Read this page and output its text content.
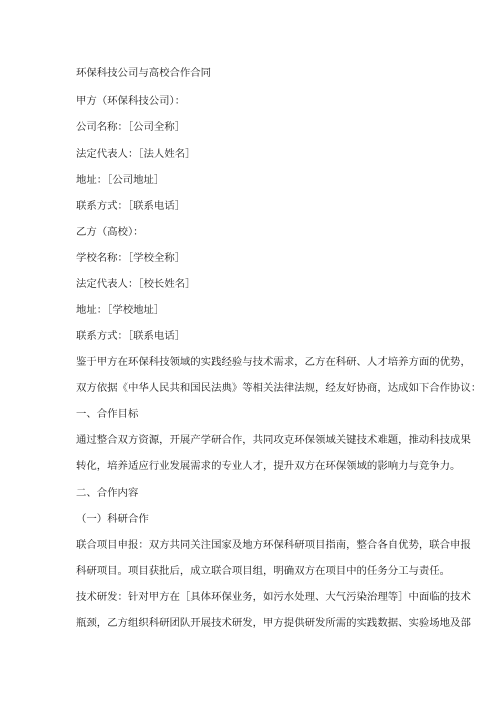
环保科技公司与高校合作合同
甲方（环保科技公司）：
公司名称：［公司全称］
法定代表人：［法人姓名］
地址：［公司地址］
联系方式：［联系电话］
乙方（高校）：
学校名称：［学校全称］
法定代表人：［校长姓名］
地址：［学校地址］
联系方式：［联系电话］
鉴于甲方在环保科技领域的实践经验与技术需求，乙方在科研、人才培养方面的优势，
双方依据《中华人民共和国民法典》等相关法律法规，经友好协商，达成如下合作协议：
一、合作目标
通过整合双方资源，开展产学研合作，共同攻克环保领域关键技术难题，推动科技成果
转化，培养适应行业发展需求的专业人才，提升双方在环保领域的影响力与竞争力。
二、合作内容
（一）科研合作
联合项目申报：双方共同关注国家及地方环保科研项目指南，整合各自优势，联合申报
科研项目。项目获批后，成立联合项目组，明确双方在项目中的任务分工与责任。
技术研发：针对甲方在［具体环保业务，如污水处理、大气污染治理等］中面临的技术
瓶颈，乙方组织科研团队开展技术研发，甲方提供研发所需的实践数据、实验场地及部
